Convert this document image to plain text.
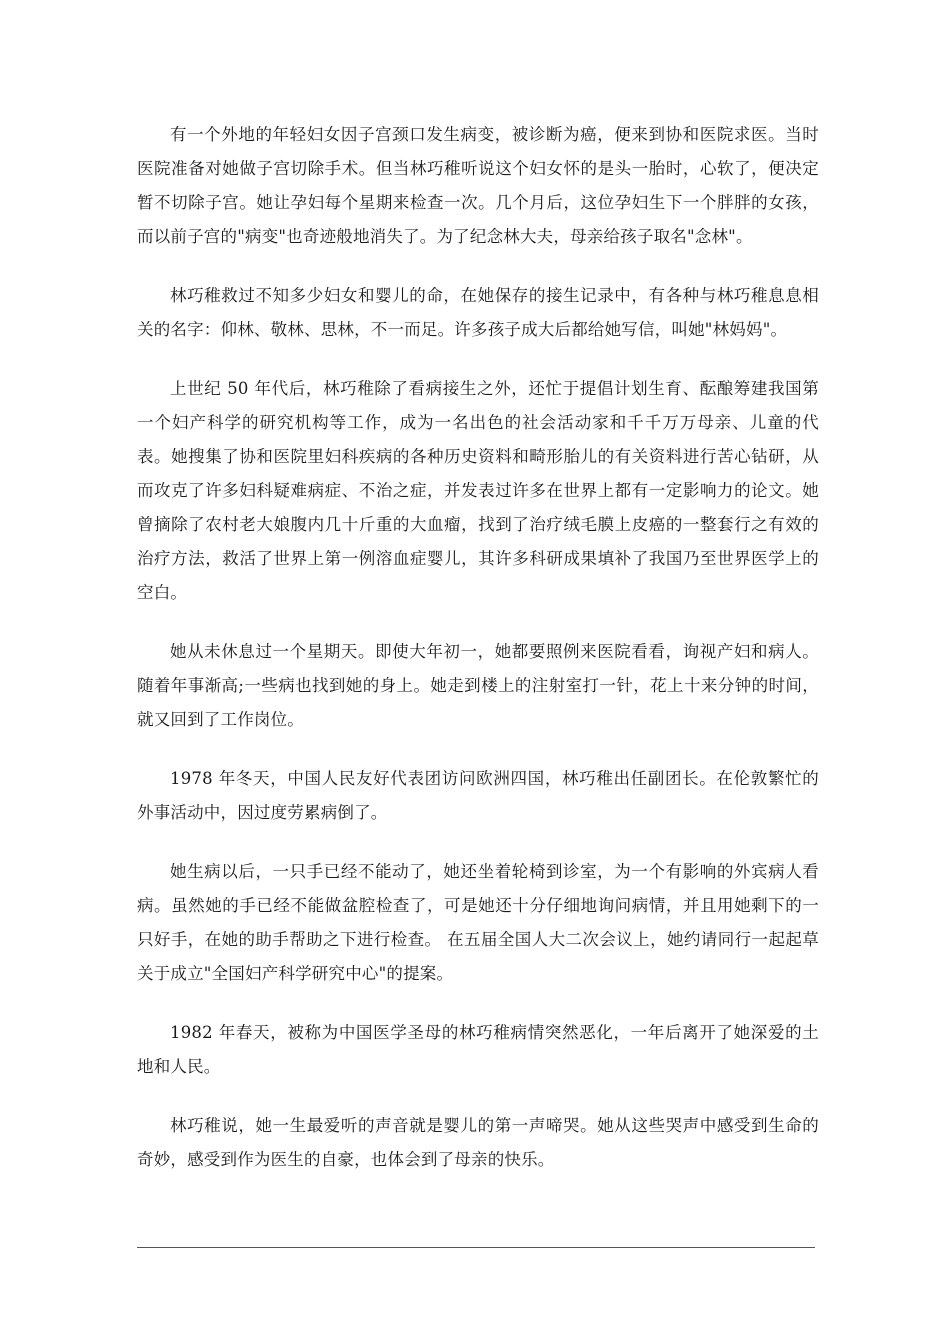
有一个外地的年轻妇女因子宫颈口发生病变，被诊断为癌，便来到协和医院求医。当时医院准备对她做子宫切除手术。但当林巧稚听说这个妇女怀的是头一胎时，心软了，便决定暂不切除子宫。她让孕妇每个星期来检查一次。几个月后，这位孕妇生下一个胖胖的女孩，而以前子宫的"病变"也奇迹般地消失了。为了纪念林大夫，母亲给孩子取名"念林"。

林巧稚救过不知多少妇女和婴儿的命，在她保存的接生记录中，有各种与林巧稚息息相关的名字：仰林、敬林、思林，不一而足。许多孩子成大后都给她写信，叫她"林妈妈"。

上世纪 50 年代后，林巧稚除了看病接生之外，还忙于提倡计划生育、酝酿筹建我国第一个妇产科学的研究机构等工作，成为一名出色的社会活动家和千千万万母亲、儿童的代表。她搜集了协和医院里妇科疾病的各种历史资料和畸形胎儿的有关资料进行苦心钻研，从而攻克了许多妇科疑难病症、不治之症，并发表过许多在世界上都有一定影响力的论文。她曾摘除了农村老大娘腹内几十斤重的大血瘤，找到了治疗绒毛膜上皮癌的一整套行之有效的治疗方法，救活了世界上第一例溶血症婴儿，其许多科研成果填补了我国乃至世界医学上的空白。

她从未休息过一个星期天。即使大年初一，她都要照例来医院看看，询视产妇和病人。 随着年事渐高;一些病也找到她的身上。她走到楼上的注射室打一针，花上十来分钟的时间，就又回到了工作岗位。

1978 年冬天，中国人民友好代表团访问欧洲四国，林巧稚出任副团长。在伦敦繁忙的外事活动中，因过度劳累病倒了。

她生病以后，一只手已经不能动了，她还坐着轮椅到诊室，为一个有影响的外宾病人看病。虽然她的手已经不能做盆腔检查了，可是她还十分仔细地询问病情，并且用她剩下的一只好手，在她的助手帮助之下进行检查。 在五届全国人大二次会议上，她约请同行一起起草关于成立"全国妇产科学研究中心"的提案。

1982 年春天，被称为中国医学圣母的林巧稚病情突然恶化，一年后离开了她深爱的土地和人民。

林巧稚说，她一生最爱听的声音就是婴儿的第一声啼哭。她从这些哭声中感受到生命的奇妙，感受到作为医生的自豪，也体会到了母亲的快乐。
